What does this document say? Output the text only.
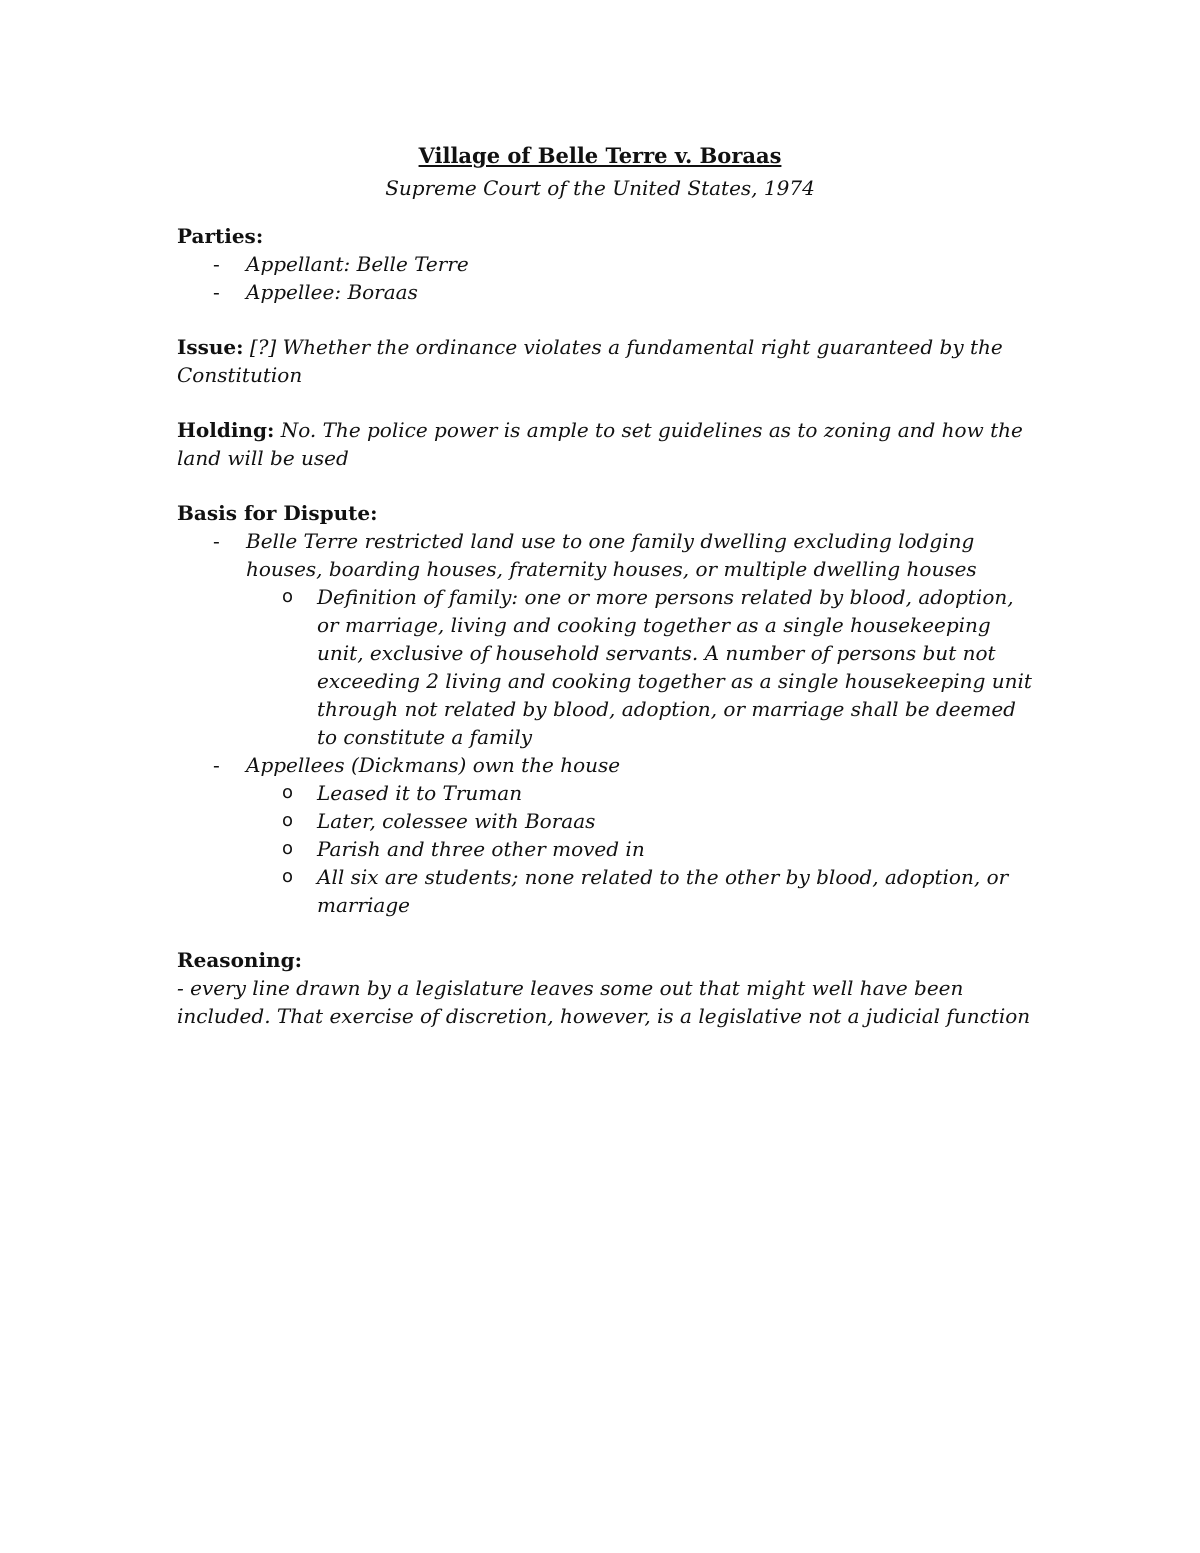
Village of Belle Terre v. Boraas
Supreme Court of the United States, 1974
Parties:
- Appellant: Belle Terre
- Appellee: Boraas
Issue: [?] Whether the ordinance violates a fundamental right guaranteed by the Constitution
Holding: No. The police power is ample to set guidelines as to zoning and how the land will be used
Basis for Dispute:
- Belle Terre restricted land use to one family dwelling excluding lodging houses, boarding houses, fraternity houses, or multiple dwelling houses
o Definition of family: one or more persons related by blood, adoption, or marriage, living and cooking together as a single housekeeping unit, exclusive of household servants. A number of persons but not exceeding 2 living and cooking together as a single housekeeping unit through not related by blood, adoption, or marriage shall be deemed to constitute a family
- Appellees (Dickmans) own the house
o Leased it to Truman
o Later, colessee with Boraas
o Parish and three other moved in
o All six are students; none related to the other by blood, adoption, or marriage
Reasoning:
- every line drawn by a legislature leaves some out that might well have been included. That exercise of discretion, however, is a legislative not a judicial function
